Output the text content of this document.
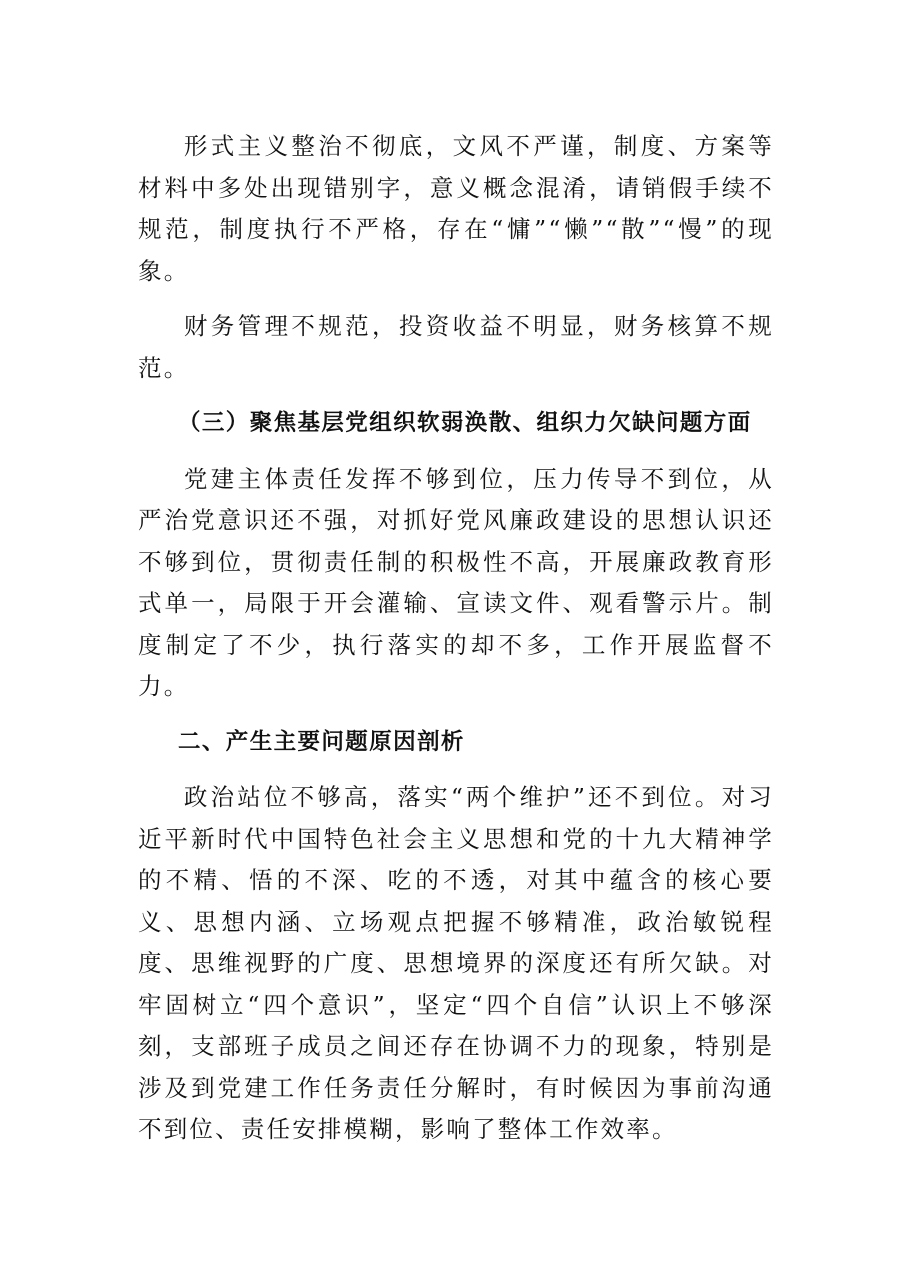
形式主义整治不彻底，文风不严谨，制度、方案等材料中多处出现错别字，意义概念混淆，请销假手续不规范，制度执行不严格，存在“慵”“懒”“散”“慢”的现象。

财务管理不规范，投资收益不明显，财务核算不规范。

（三）聚焦基层党组织软弱涣散、组织力欠缺问题方面

党建主体责任发挥不够到位，压力传导不到位，从严治党意识还不强，对抓好党风廉政建设的思想认识还不够到位，贯彻责任制的积极性不高，开展廉政教育形式单一，局限于开会灌输、宣读文件、观看警示片。制度制定了不少，执行落实的却不多，工作开展监督不力。

二、产生主要问题原因剖析

政治站位不够高，落实“两个维护”还不到位。对习近平新时代中国特色社会主义思想和党的十九大精神学的不精、悟的不深、吃的不透，对其中蕴含的核心要义、思想内涵、立场观点把握不够精准，政治敏锐程度、思维视野的广度、思想境界的深度还有所欠缺。对牢固树立“四个意识”，坚定“四个自信”认识上不够深刻，支部班子成员之间还存在协调不力的现象，特别是涉及到党建工作任务责任分解时，有时候因为事前沟通不到位、责任安排模糊，影响了整体工作效率。
